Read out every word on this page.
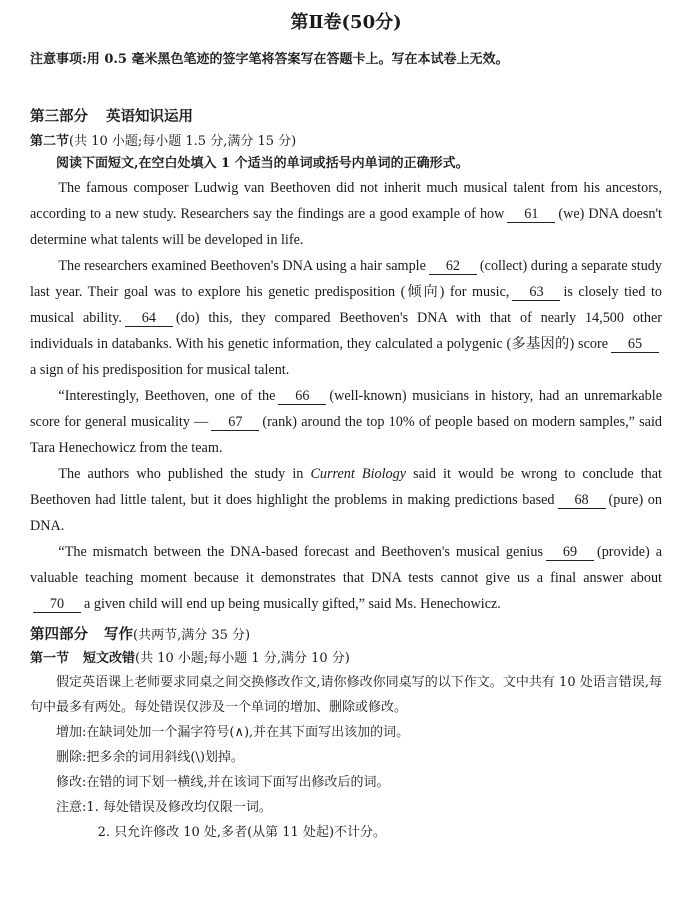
第Ⅱ卷(50分)
注意事项:用 0.5 毫米黑色笔迹的签字笔将答案写在答题卡上。写在本试卷上无效。
第三部分 英语知识运用
第二节(共 10 小题;每小题 1.5 分,满分 15 分)
阅读下面短文,在空白处填入 1 个适当的单词或括号内单词的正确形式。

The famous composer Ludwig van Beethoven did not inherit much musical talent from his ancestors, according to a new study. Researchers say the findings are a good example of how 61 (we) DNA doesn't determine what talents will be developed in life.

The researchers examined Beethoven's DNA using a hair sample 62 (collect) during a separate study last year. Their goal was to explore his genetic predisposition (倾向) for music, 63 is closely tied to musical ability. 64 (do) this, they compared Beethoven's DNA with that of nearly 14,500 other individuals in databanks. With his genetic information, they calculated a polygenic (多基因的) score 65a sign of his predisposition for musical talent.

“Interestingly, Beethoven, one of the 66 (well-known) musicians in history, had an unremarkable score for general musicality — 67 (rank) around the top 10% of people based on modern samples,” said Tara Henechowicz from the team.

The authors who published the study in Current Biology said it would be wrong to conclude that Beethoven had little talent, but it does highlight the problems in making predictions based 68 (pure) on DNA.

“The mismatch between the DNA-based forecast and Beethoven's musical genius 69 (provide) a valuable teaching moment because it demonstrates that DNA tests cannot give us a final answer about70 a given child will end up being musically gifted,” said Ms. Henechowicz.

第四部分 写作(共两节,满分 35 分)
第一节 短文改错(共 10 小题;每小题 1 分,满分 10 分)

假定英语课上老师要求同桌之间交换修改作文,请你修改你同桌写的以下作文。文中共有 10 处语言错误,每句中最多有两处。每处错误仅涉及一个单词的增加、删除或修改。

增加:在缺词处加一个漏字符号(∧),并在其下面写出该加的词。

删除:把多余的词用斜线(\)划掉。

修改:在错的词下划一横线,并在该词下面写出修改后的词。

注意:1. 每处错误及修改均仅限一词。

2. 只允许修改 10 处,多者(从第 11 处起)不计分。
